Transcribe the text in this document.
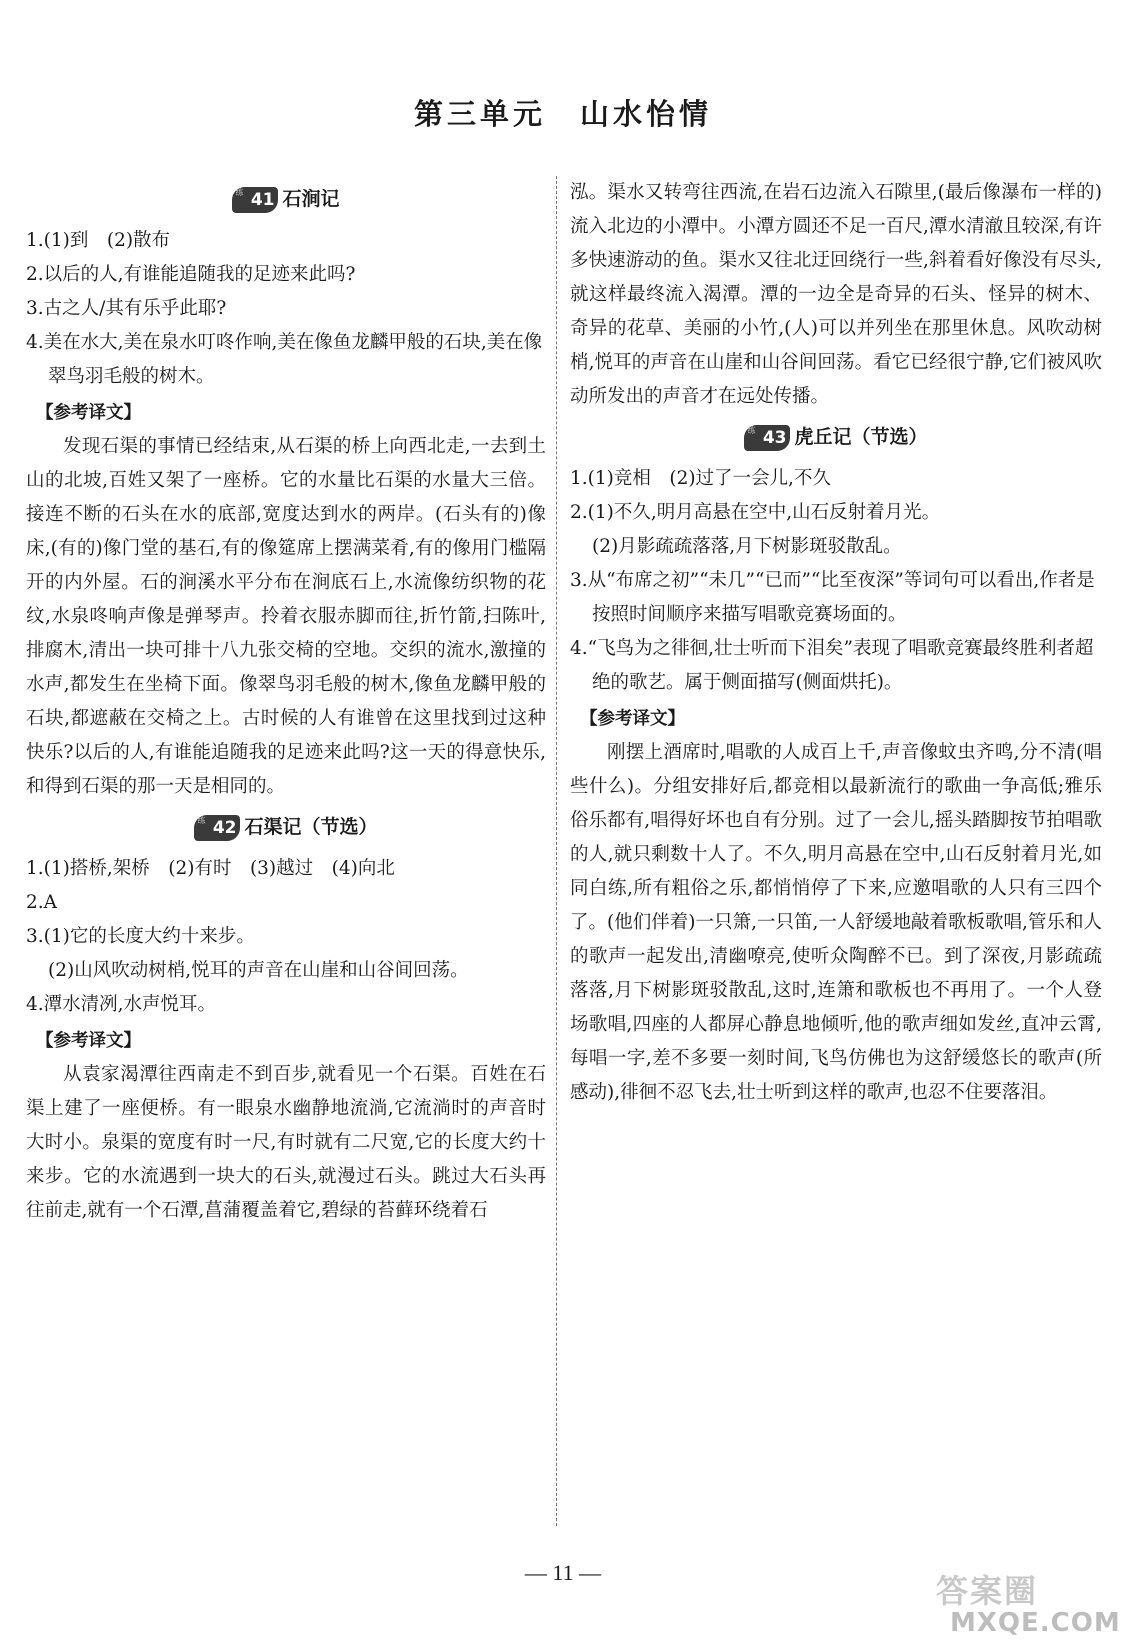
第三单元 山水怡情
练 41 石涧记

1.(1)到　(2)散布

2.以后的人,有谁能追随我的足迹来此吗?

3.古之人/其有乐乎此耶?

4.美在水大,美在泉水叮咚作响,美在像鱼龙麟甲般的石块,美在像翠鸟羽毛般的树木。

【参考译文】

发现石渠的事情已经结束,从石渠的桥上向西北走,一去到土山的北坡,百姓又架了一座桥。它的水量比石渠的水量大三倍。接连不断的石头在水的底部,宽度达到水的两岸。(石头有的)像床,(有的)像门堂的基石,有的像筵席上摆满菜肴,有的像用门槛隔开的内外屋。石的涧溪水平分布在涧底石上,水流像纺织物的花纹,水泉咚响声像是弹琴声。拎着衣服赤脚而往,折竹箭,扫陈叶,排腐木,清出一块可排十八九张交椅的空地。交织的流水,激撞的水声,都发生在坐椅下面。像翠鸟羽毛般的树木,像鱼龙麟甲般的石块,都遮蔽在交椅之上。古时候的人有谁曾在这里找到过这种快乐?以后的人,有谁能追随我的足迹来此吗?这一天的得意快乐,和得到石渠的那一天是相同的。

练 42 石渠记（节选）

1.(1)搭桥,架桥　(2)有时　(3)越过　(4)向北

2.A

3.(1)它的长度大约十来步。

(2)山风吹动树梢,悦耳的声音在山崖和山谷间回荡。

4.潭水清冽,水声悦耳。

【参考译文】

从袁家渴潭往西南走不到百步,就看见一个石渠。百姓在石渠上建了一座便桥。有一眼泉水幽静地流淌,它流淌时的声音时大时小。泉渠的宽度有时一尺,有时就有二尺宽,它的长度大约十来步。它的水流遇到一块大的石头,就漫过石头。跳过大石头再往前走,就有一个石潭,菖蒲覆盖着它,碧绿的苔藓环绕着石

泓。渠水又转弯往西流,在岩石边流入石隙里,(最后像瀑布一样的)流入北边的小潭中。小潭方圆还不足一百尺,潭水清澈且较深,有许多快速游动的鱼。渠水又往北迂回绕行一些,斜着看好像没有尽头,就这样最终流入渴潭。潭的一边全是奇异的石头、怪异的树木、奇异的花草、美丽的小竹,(人)可以并列坐在那里休息。风吹动树梢,悦耳的声音在山崖和山谷间回荡。看它已经很宁静,它们被风吹动所发出的声音才在远处传播。

练 43 虎丘记（节选）

1.(1)竞相　(2)过了一会儿,不久

2.(1)不久,明月高悬在空中,山石反射着月光。

(2)月影疏疏落落,月下树影斑驳散乱。

3.从“布席之初”“未几”“已而”“比至夜深”等词句可以看出,作者是按照时间顺序来描写唱歌竞赛场面的。

4.“飞鸟为之徘徊,壮士听而下泪矣”表现了唱歌竞赛最终胜利者超绝的歌艺。属于侧面描写(侧面烘托)。

【参考译文】

刚摆上酒席时,唱歌的人成百上千,声音像蚊虫齐鸣,分不清(唱些什么)。分组安排好后,都竞相以最新流行的歌曲一争高低;雅乐俗乐都有,唱得好坏也自有分别。过了一会儿,摇头踏脚按节拍唱歌的人,就只剩数十人了。不久,明月高悬在空中,山石反射着月光,如同白练,所有粗俗之乐,都悄悄停了下来,应邀唱歌的人只有三四个了。(他们伴着)一只箫,一只笛,一人舒缓地敲着歌板歌唱,管乐和人的歌声一起发出,清幽嘹亮,使听众陶醉不已。到了深夜,月影疏疏落落,月下树影斑驳散乱,这时,连箫和歌板也不再用了。一个人登场歌唱,四座的人都屏心静息地倾听,他的歌声细如发丝,直冲云霄,每唱一字,差不多要一刻时间,飞鸟仿佛也为这舒缓悠长的歌声(所感动),徘徊不忍飞去,壮士听到这样的歌声,也忍不住要落泪。

— 11 —	答案圈
MXQE.COM
